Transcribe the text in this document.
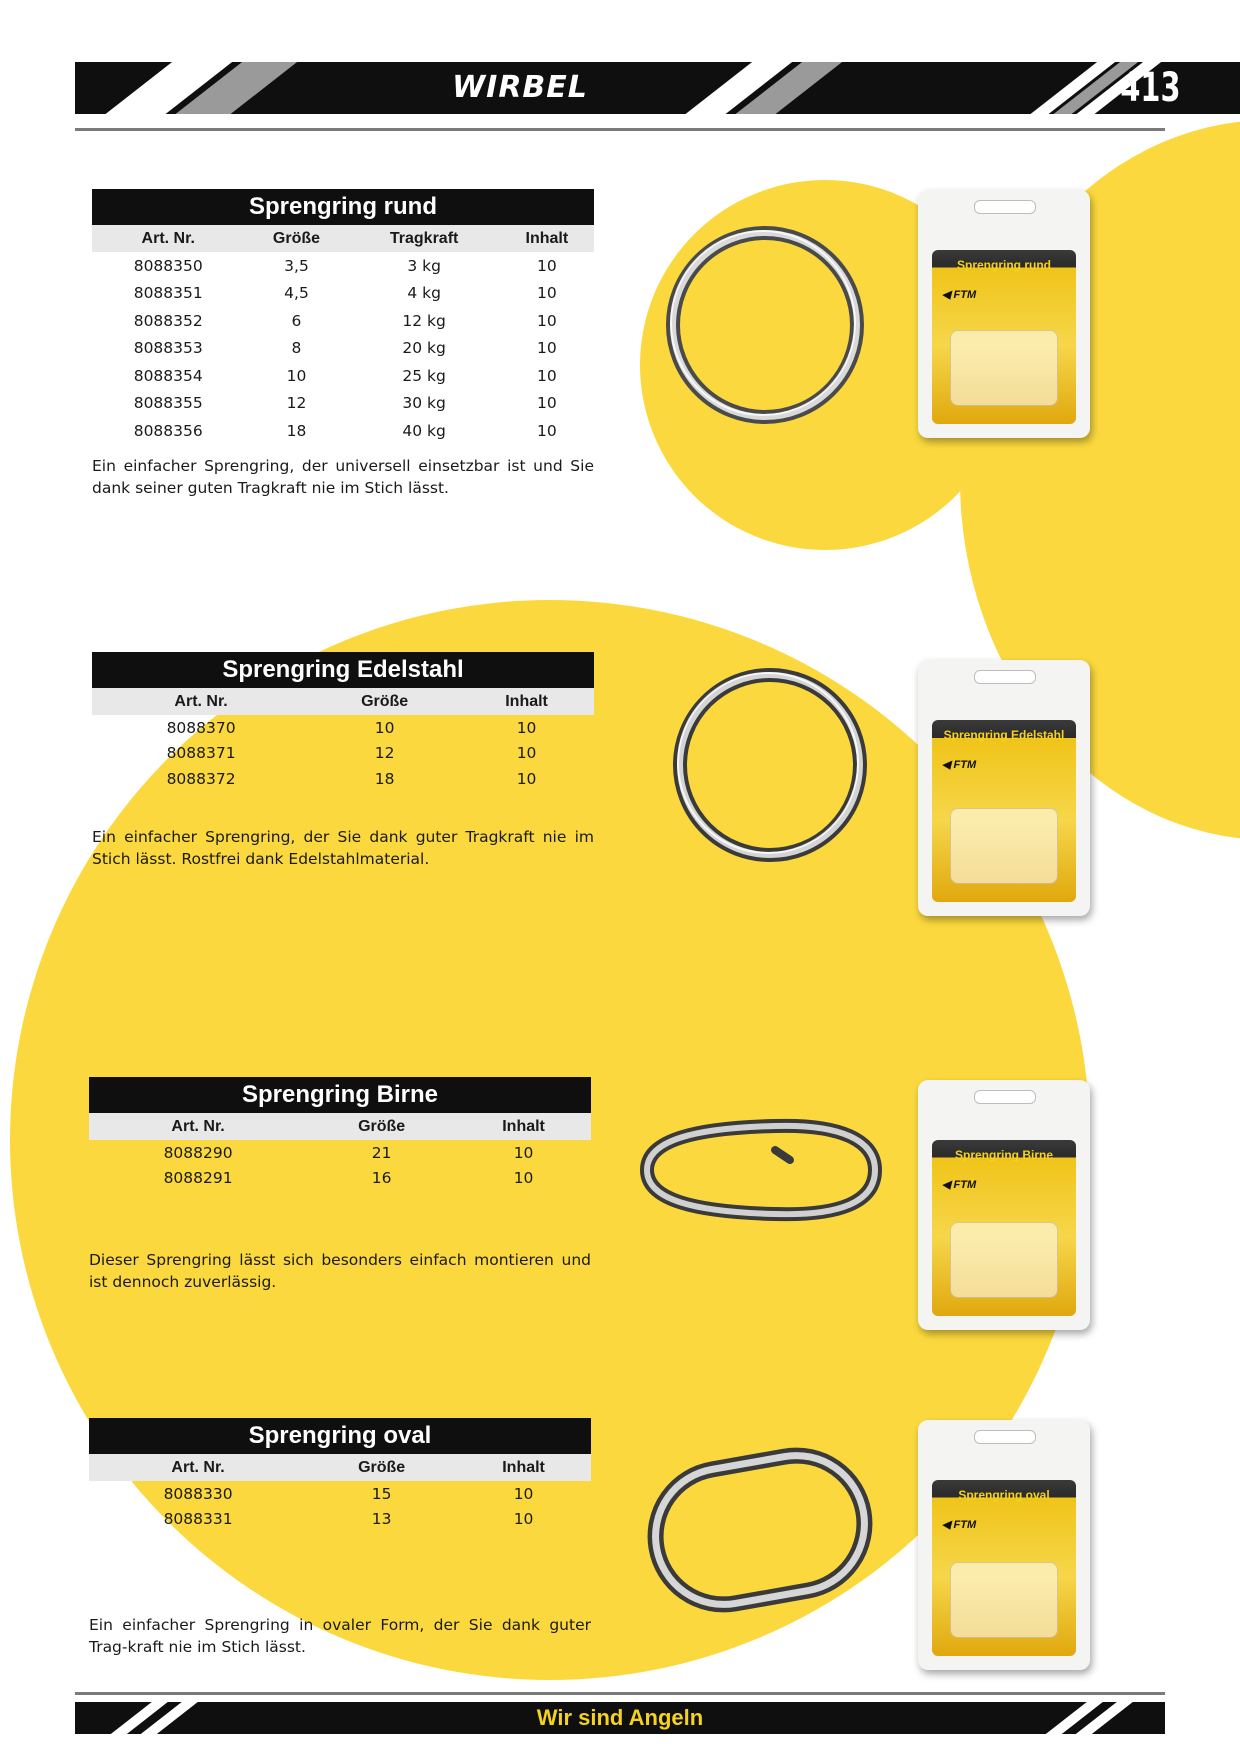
WIRBEL	413
Sprengring rund
Art. Nr.	Größe	Tragkraft	Inhalt
8088350	3,5	3 kg	10
8088351	4,5	4 kg	10
8088352	6	12 kg	10
8088353	8	20 kg	10
8088354	10	25 kg	10
8088355	12	30 kg	10
8088356	18	40 kg	10
Ein einfacher Sprengring, der universell einsetzbar ist und Sie dank seiner guten Tragkraft nie im Stich lässt.
Sprengring Edelstahl
Art. Nr.	Größe	Inhalt
8088370	10	10
8088371	12	10
8088372	18	10
Ein einfacher Sprengring, der Sie dank guter Tragkraft nie im Stich lässt. Rostfrei dank Edelstahlmaterial.
Sprengring Birne
Art. Nr.	Größe	Inhalt
8088290	21	10
8088291	16	10
Dieser Sprengring lässt sich besonders einfach montieren und ist dennoch zuverlässig.
Sprengring oval
Art. Nr.	Größe	Inhalt
8088330	15	10
8088331	13	10
Ein einfacher Sprengring in ovaler Form, der Sie dank guter Trag-kraft nie im Stich lässt.
Sprengring rund
◀ FTM
Sprengring Edelstahl
◀ FTM
Sprengring Birne
◀ FTM
Sprengring oval
◀ FTM
Wir sind Angeln
